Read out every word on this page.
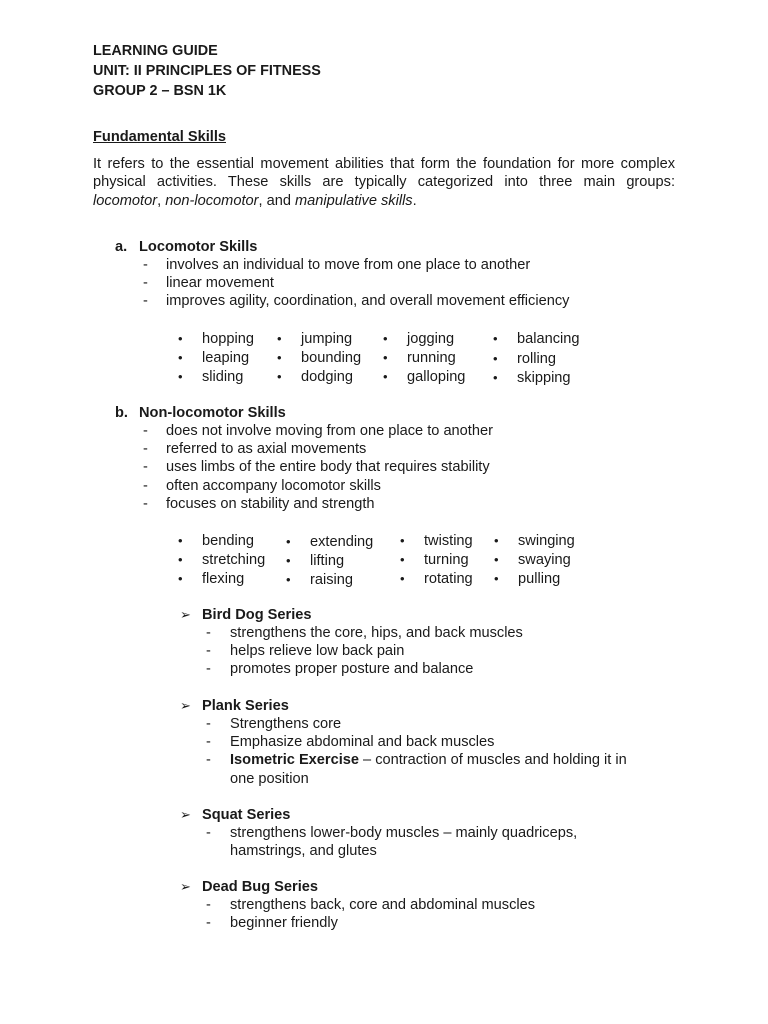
LEARNING GUIDE
UNIT: II PRINCIPLES OF FITNESS
GROUP 2 – BSN 1K
Fundamental Skills

It refers to the essential movement abilities that form the foundation for more complex physical activities. These skills are typically categorized into three main groups: locomotor, non-locomotor, and manipulative skills.

a. Locomotor Skills
- involves an individual to move from one place to another
- linear movement
- improves agility, coordination, and overall movement efficiency
• hopping • jumping • jogging	• balancing
• leaping • bounding • running	• rolling
• sliding	• dodging • galloping • skipping
b. Non-locomotor Skills
- does not involve moving from one place to another
- referred to as axial movements
- uses limbs of the entire body that requires stability
- often accompany locomotor skills
- focuses on stability and strength
• bending • extending • twisting • swinging
• stretching • lifting	• turning • swaying
• flexing	• raising	• rotating • pulling
➢ Bird Dog Series
- strengthens the core, hips, and back muscles
- helps relieve low back pain
- promotes proper posture and balance
➢ Plank Series
- Strengthens core
- Emphasize abdominal and back muscles
- Isometric Exercise – contraction of muscles and holding it in one position
➢ Squat Series
- strengthens lower-body muscles – mainly quadriceps, hamstrings, and glutes
➢ Dead Bug Series
- strengthens back, core and abdominal muscles
- beginner friendly
